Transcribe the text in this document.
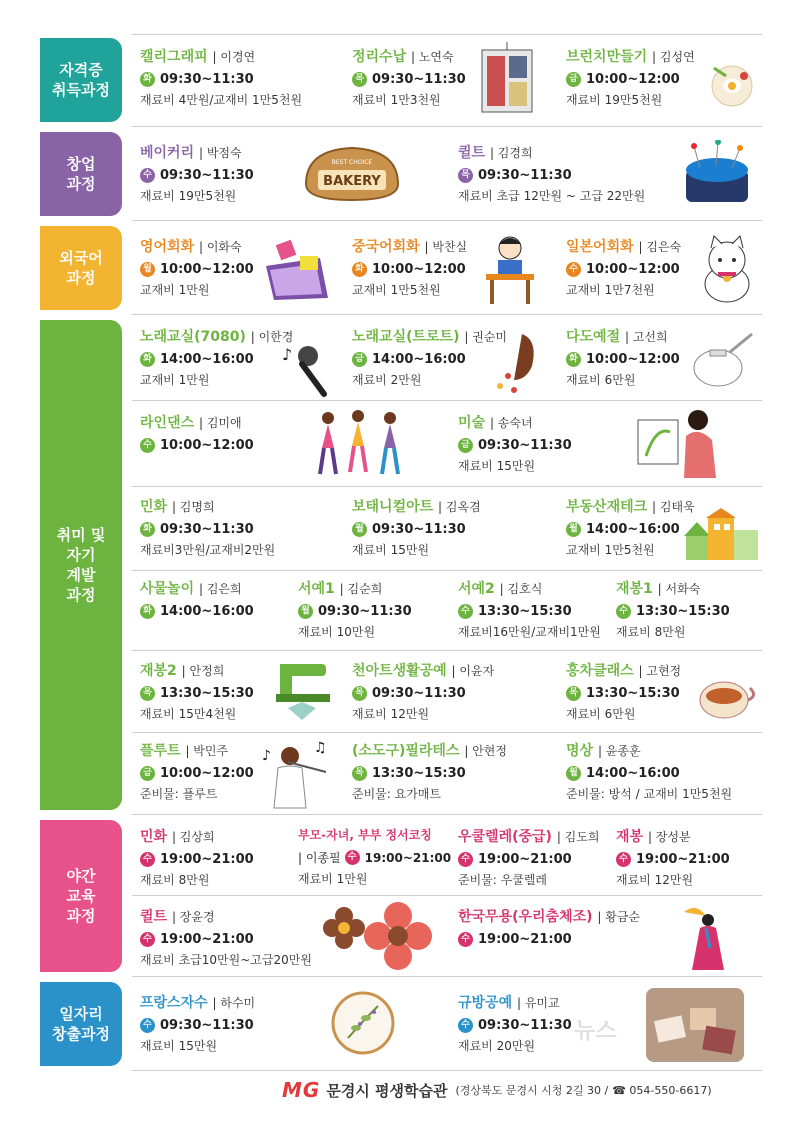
자격증
취득과정
창업
과정
외국어
과정
취미 및
자기
계발
과정
야간
교육
과정
일자리
창출과정
캘리그래피 | 이경연
화 09:30~11:30
재료비 4만원/교재비 1만5천원
정리수납 | 노연숙
목 09:30~11:30
재료비 1만3천원
브런치만들기 | 김성연
금 10:00~12:00
재료비 19만5천원
베이커리 | 박점숙
수 09:30~11:30
재료비 19만5천원
BAKERY
BEST CHOICE
퀼트 | 김경희
목 09:30~11:30
재료비 초급 12만원 ~ 고급 22만원
영어회화 | 이화숙
월 10:00~12:00
교재비 1만원
중국어회화 | 박찬실
화 10:00~12:00
교재비 1만5천원
일본어회화 | 김은숙
수 10:00~12:00
교재비 1만7천원
노래교실(7080) | 이한경
화 14:00~16:00
교재비 1만원
♪
노래교실(트로트) | 권순미
금 14:00~16:00
재료비 2만원
다도예절 | 고선희
화 10:00~12:00
재료비 6만원
라인댄스 | 김미애
수 10:00~12:00
미술 | 송숙녀
금 09:30~11:30
재료비 15만원
민화 | 김명희
화 09:30~11:30
재료비3만원/교재비2만원
보태니컬아트 | 김옥겸
월 09:30~11:30
재료비 15만원
부동산재테크 | 김태욱
월 14:00~16:00
교재비 1만5천원
사물놀이 | 김은희
화 14:00~16:00
서예1 | 김순희
월 09:30~11:30
재료비 10만원
서예2 | 김호식
수 13:30~15:30
재료비16만원/교재비1만원
재봉1 | 서화숙
수 13:30~15:30
재료비 8만원
재봉2 | 안정희
목 13:30~15:30
재료비 15만4천원
천아트생활공예 | 이윤자
목 09:30~11:30
재료비 12만원
홍차클래스 | 고현정
목 13:30~15:30
재료비 6만원
플루트 | 박민주
금 10:00~12:00
준비물: 플루트
♪	♫ (소도구)필라테스 | 안현정
목 13:30~15:30
준비물: 요가매트
명상 | 윤종훈
월 14:00~16:00
준비물: 방석 / 교재비 1만5천원
민화 | 김상희
수 19:00~21:00
재료비 8만원
부모-자녀, 부부 정서코칭
| 이종필 수 19:00~21:00
재료비 1만원
우쿨렐레(중급) | 김도희
수 19:00~21:00
준비물: 우쿨렐레
재봉 | 장성분
수 19:00~21:00
재료비 12만원
퀼트 | 장윤경
수 19:00~21:00
재료비 초급10만원~고급20만원
한국무용(우리춤체조) | 황금순
수 19:00~21:00
프랑스자수 | 하수미
수 09:30~11:30
재료비 15만원
규방공예 | 유미교
수 09:30~11:30
재료비 20만원
뉴스
MG 문경시 평생학습관 (경상북도 문경시 시청 2길 30 / ☎ 054-550-6617)
